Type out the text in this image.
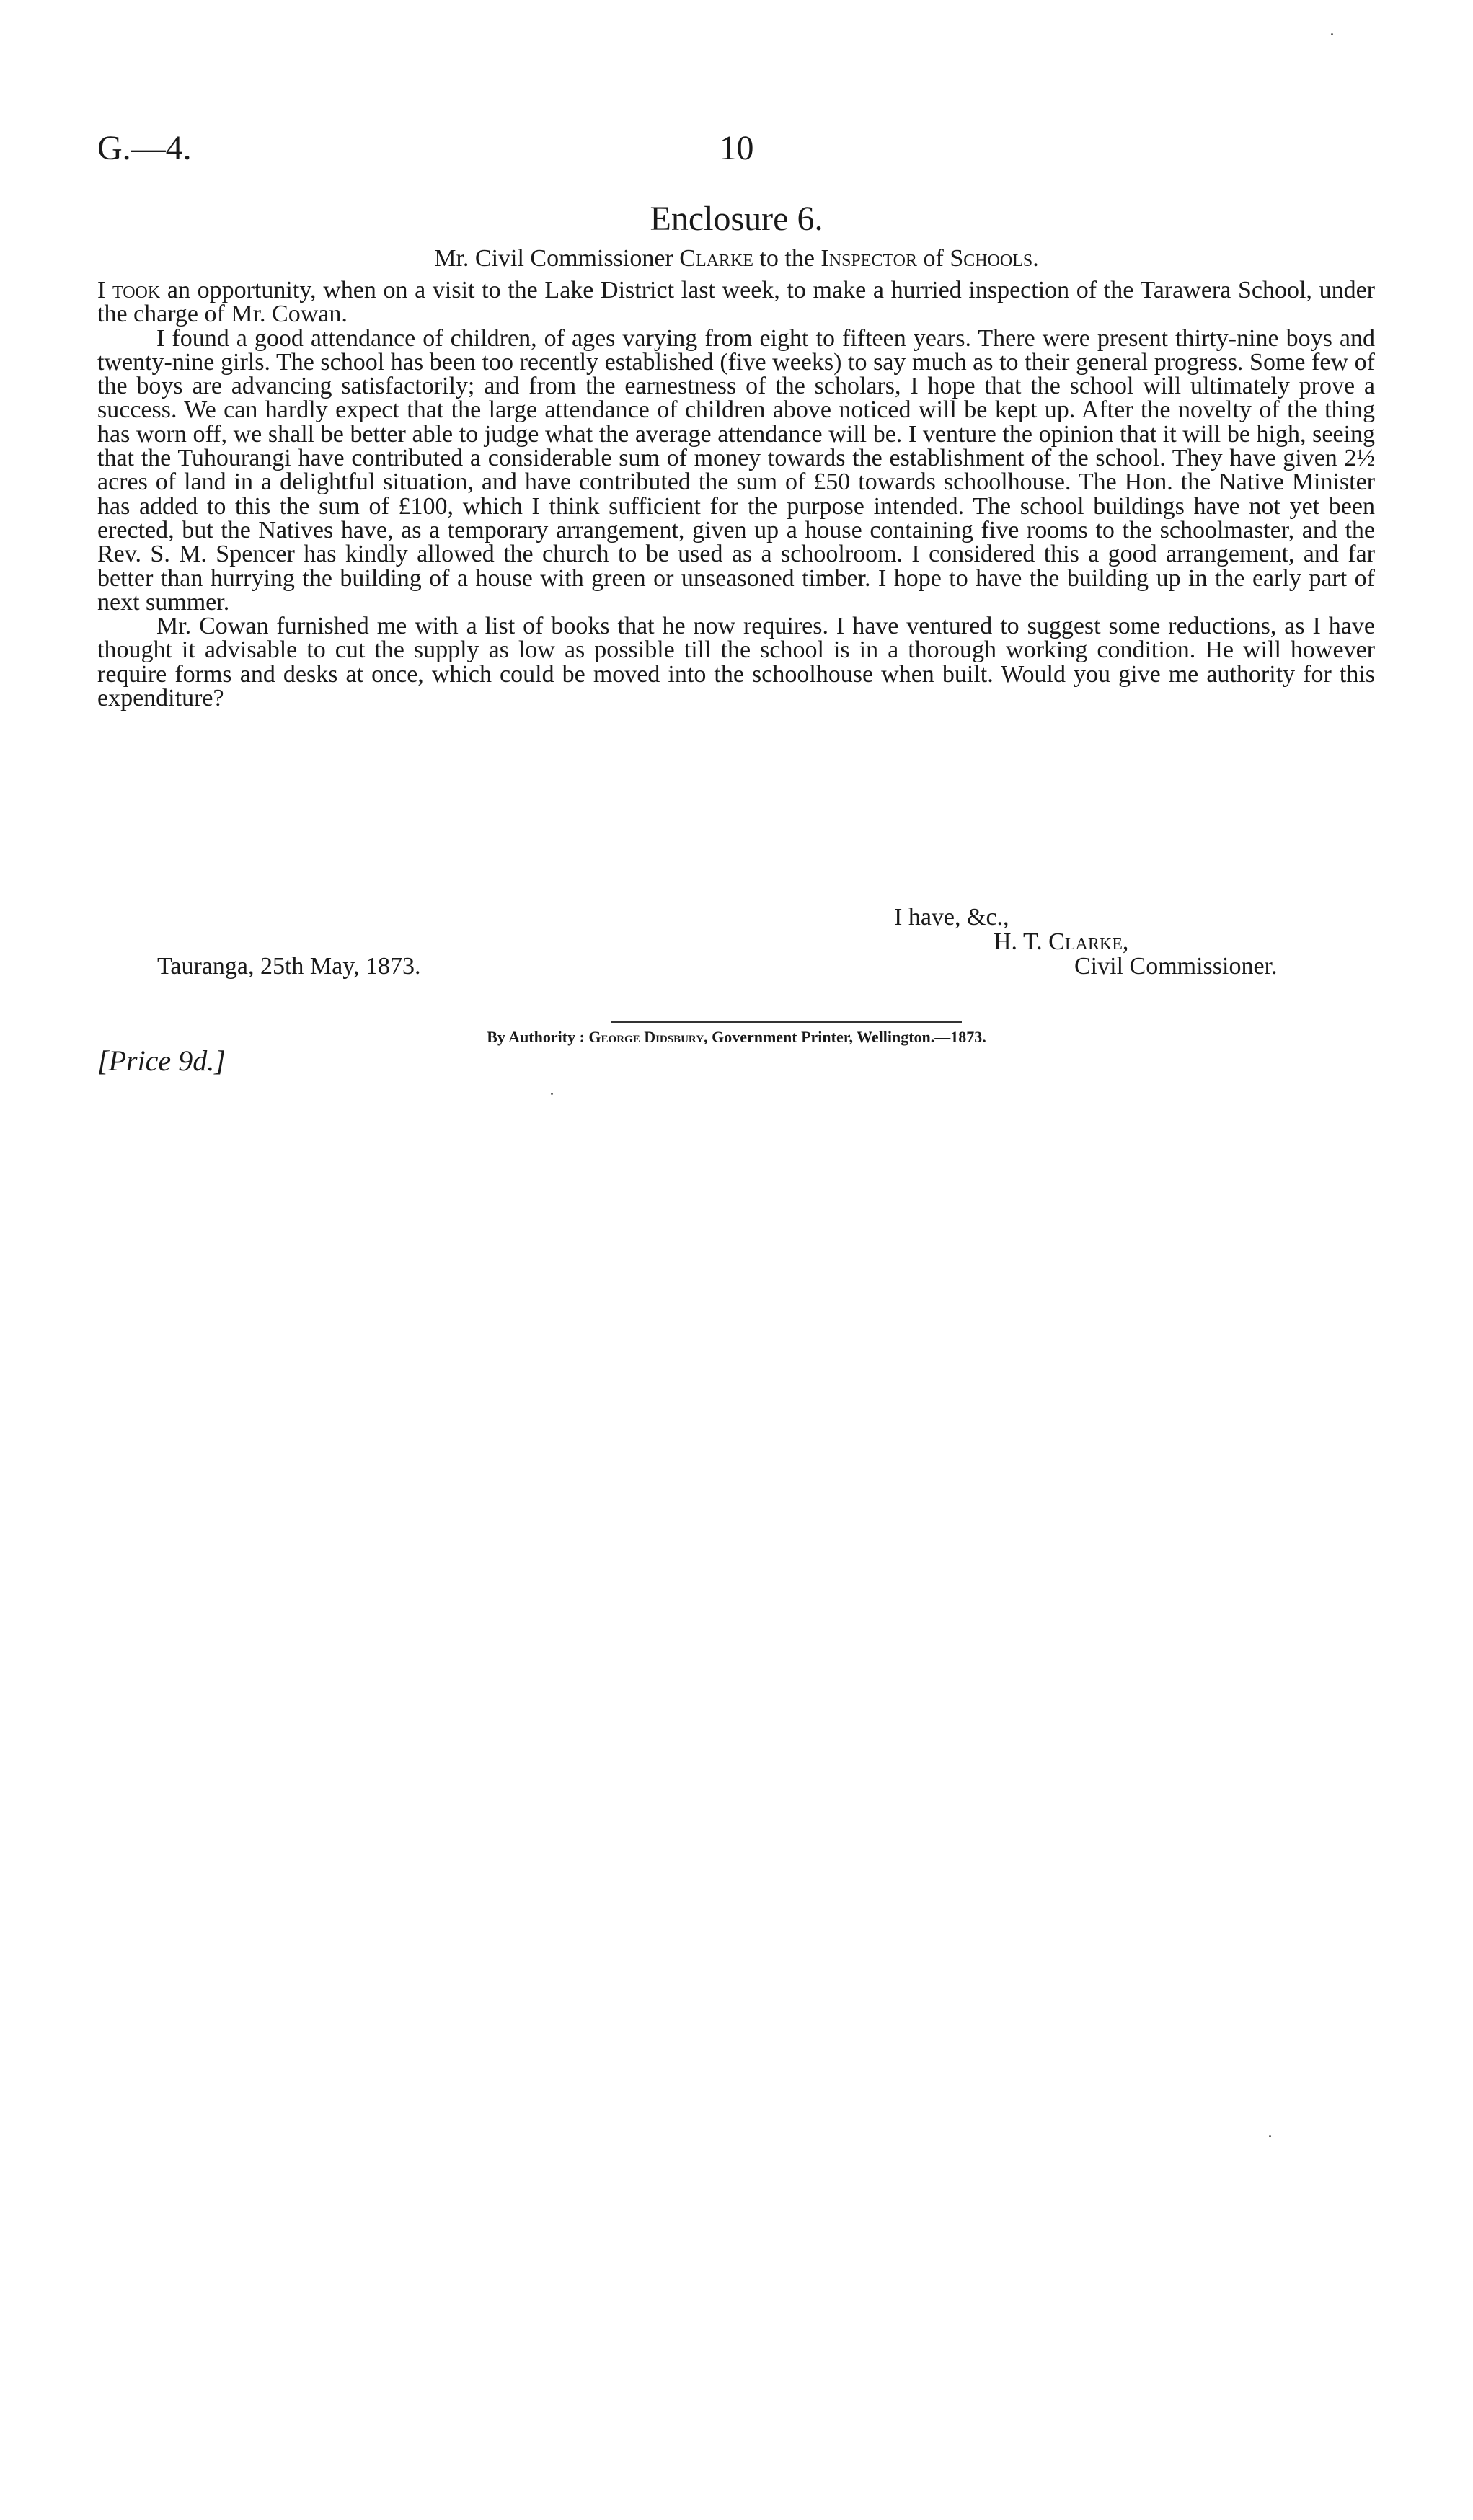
G.—4.	10
Enclosure 6.
Mr. Civil Commissioner Clarke to the Inspector of Schools.

I took an opportunity, when on a visit to the Lake District last week, to make a hurried inspection of the Tarawera School, under the charge of Mr. Cowan.

I found a good attendance of children, of ages varying from eight to fifteen years. There were present thirty-nine boys and twenty-nine girls. The school has been too recently established (five weeks) to say much as to their general progress. Some few of the boys are advancing satisfactorily; and from the earnestness of the scholars, I hope that the school will ultimately prove a success. We can hardly expect that the large attendance of children above noticed will be kept up. After the novelty of the thing has worn off, we shall be better able to judge what the average attendance will be. I venture the opinion that it will be high, seeing that the Tuhourangi have contributed a considerable sum of money towards the establishment of the school. They have given 2½ acres of land in a delightful situation, and have contributed the sum of £50 towards schoolhouse. The Hon. the Native Minister has added to this the sum of £100, which I think sufficient for the purpose intended. The school buildings have not yet been erected, but the Natives have, as a temporary arrangement, given up a house containing five rooms to the schoolmaster, and the Rev. S. M. Spencer has kindly allowed the church to be used as a schoolroom. I considered this a good arrangement, and far better than hurrying the building of a house with green or unseasoned timber. I hope to have the building up in the early part of next summer.

Mr. Cowan furnished me with a list of books that he now requires. I have ventured to suggest some reductions, as I have thought it advisable to cut the supply as low as possible till the school is in a thorough working condition. He will however require forms and desks at once, which could be moved into the schoolhouse when built. Would you give me authority for this expenditure?

I have, &c.,
H. T. Clarke,
Civil Commissioner.
Tauranga, 25th May, 1873.
By Authority : George Didsbury, Government Printer, Wellington.—1873.
[Price 9d.]
